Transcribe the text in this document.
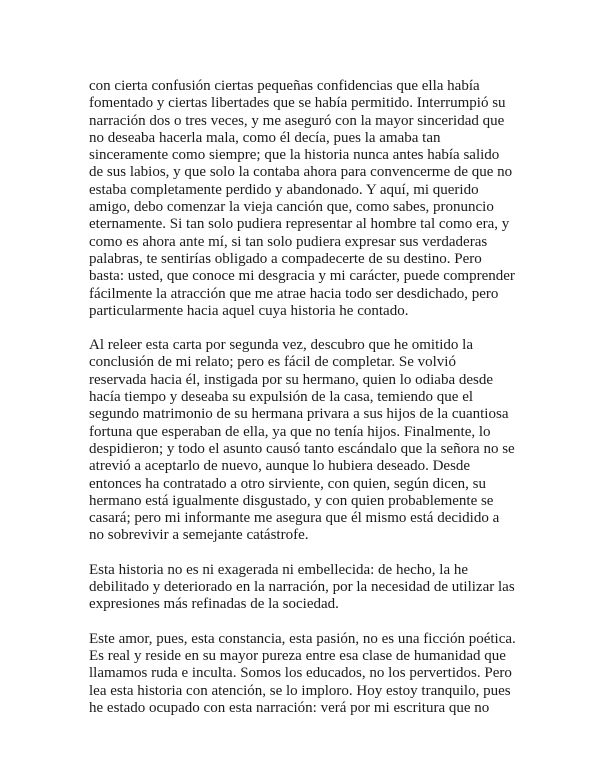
con cierta confusión ciertas pequeñas confidencias que ella había
fomentado y ciertas libertades que se había permitido. Interrumpió su
narración dos o tres veces, y me aseguró con la mayor sinceridad que
no deseaba hacerla mala, como él decía, pues la amaba tan
sinceramente como siempre; que la historia nunca antes había salido
de sus labios, y que solo la contaba ahora para convencerme de que no
estaba completamente perdido y abandonado. Y aquí, mi querido
amigo, debo comenzar la vieja canción que, como sabes, pronuncio
eternamente. Si tan solo pudiera representar al hombre tal como era, y
como es ahora ante mí, si tan solo pudiera expresar sus verdaderas
palabras, te sentirías obligado a compadecerte de su destino. Pero
basta: usted, que conoce mi desgracia y mi carácter, puede comprender
fácilmente la atracción que me atrae hacia todo ser desdichado, pero
particularmente hacia aquel cuya historia he contado.
Al releer esta carta por segunda vez, descubro que he omitido la
conclusión de mi relato; pero es fácil de completar. Se volvió
reservada hacia él, instigada por su hermano, quien lo odiaba desde
hacía tiempo y deseaba su expulsión de la casa, temiendo que el
segundo matrimonio de su hermana privara a sus hijos de la cuantiosa
fortuna que esperaban de ella, ya que no tenía hijos. Finalmente, lo
despidieron; y todo el asunto causó tanto escándalo que la señora no se
atrevió a aceptarlo de nuevo, aunque lo hubiera deseado. Desde
entonces ha contratado a otro sirviente, con quien, según dicen, su
hermano está igualmente disgustado, y con quien probablemente se
casará; pero mi informante me asegura que él mismo está decidido a
no sobrevivir a semejante catástrofe.
Esta historia no es ni exagerada ni embellecida: de hecho, la he
debilitado y deteriorado en la narración, por la necesidad de utilizar las
expresiones más refinadas de la sociedad.
Este amor, pues, esta constancia, esta pasión, no es una ficción poética.
Es real y reside en su mayor pureza entre esa clase de humanidad que
llamamos ruda e inculta. Somos los educados, no los pervertidos. Pero
lea esta historia con atención, se lo imploro. Hoy estoy tranquilo, pues
he estado ocupado con esta narración: verá por mi escritura que no
